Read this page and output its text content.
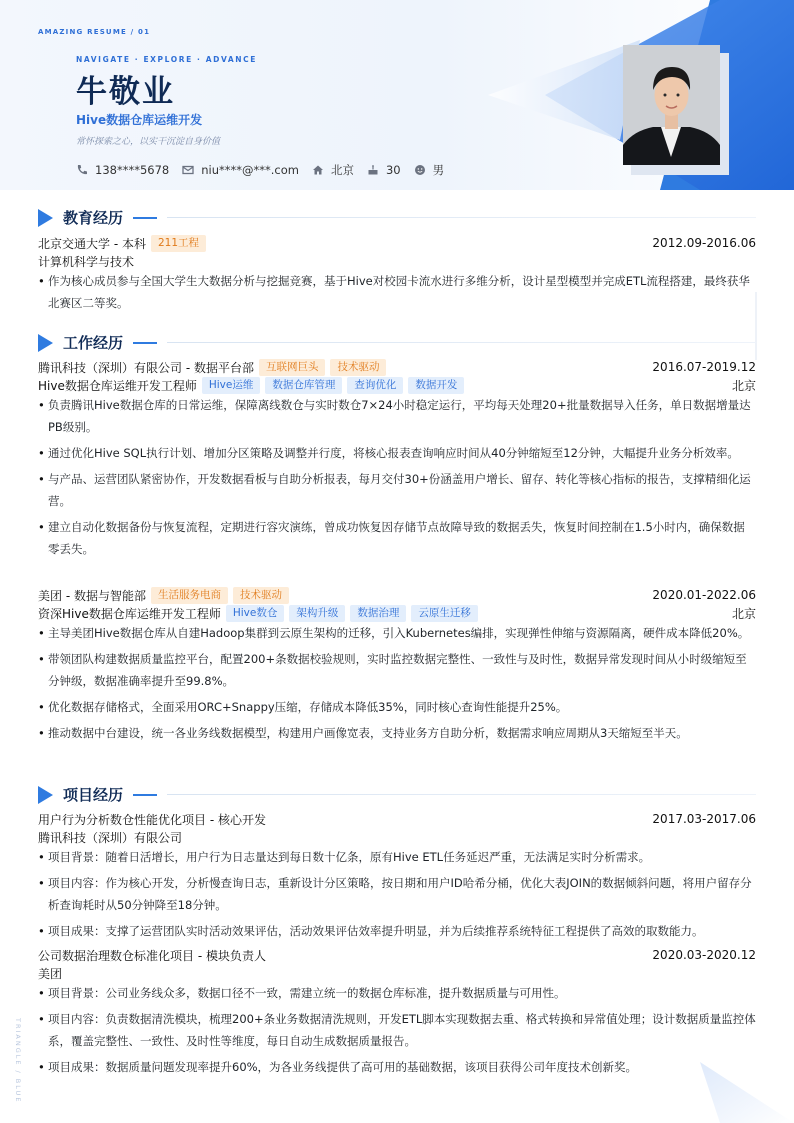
AMAZING RESUME / 01
NAVIGATE · EXPLORE · ADVANCE
牛敬业
Hive数据仓库运维开发
常怀探索之心，以实干沉淀自身价值
138****5678	niu****@***.com	北京	30	男
教育经历
北京交通大学 - 本科	211工程	2012.09-2016.06
计算机科学与技术
• 作为核心成员参与全国大学生大数据分析与挖掘竞赛，基于Hive对校园卡流水进行多维分析，设计星型模型并完成ETL流程搭建，最终获华北赛区二等奖。
工作经历
腾讯科技（深圳）有限公司 - 数据平台部	互联网巨头	技术驱动	2016.07-2019.12
Hive数据仓库运维开发工程师	Hive运维	数据仓库管理	查询优化	数据开发	北京
• 负责腾讯Hive数据仓库的日常运维，保障离线数仓与实时数仓7×24小时稳定运行，平均每天处理20+批量数据导入任务，单日数据增量达PB级别。
• 通过优化Hive SQL执行计划、增加分区策略及调整并行度，将核心报表查询响应时间从40分钟缩短至12分钟，大幅提升业务分析效率。
• 与产品、运营团队紧密协作，开发数据看板与自助分析报表，每月交付30+份涵盖用户增长、留存、转化等核心指标的报告，支撑精细化运营。
• 建立自动化数据备份与恢复流程，定期进行容灾演练，曾成功恢复因存储节点故障导致的数据丢失，恢复时间控制在1.5小时内，确保数据零丢失。
美团 - 数据与智能部	生活服务电商	技术驱动	2020.01-2022.06
资深Hive数据仓库运维开发工程师	Hive数仓	架构升级	数据治理	云原生迁移	北京
• 主导美团Hive数据仓库从自建Hadoop集群到云原生架构的迁移，引入Kubernetes编排，实现弹性伸缩与资源隔离，硬件成本降低20%。
• 带领团队构建数据质量监控平台，配置200+条数据校验规则，实时监控数据完整性、一致性与及时性，数据异常发现时间从小时级缩短至分钟级，数据准确率提升至99.8%。
• 优化数据存储格式，全面采用ORC+Snappy压缩，存储成本降低35%，同时核心查询性能提升25%。
• 推动数据中台建设，统一各业务线数据模型，构建用户画像宽表，支持业务方自助分析，数据需求响应周期从3天缩短至半天。
项目经历
用户行为分析数仓性能优化项目 - 核心开发	2017.03-2017.06
腾讯科技（深圳）有限公司
• 项目背景：随着日活增长，用户行为日志量达到每日数十亿条，原有Hive ETL任务延迟严重，无法满足实时分析需求。
• 项目内容：作为核心开发，分析慢查询日志，重新设计分区策略，按日期和用户ID哈希分桶，优化大表JOIN的数据倾斜问题，将用户留存分析查询耗时从50分钟降至18分钟。
• 项目成果：支撑了运营团队实时活动效果评估，活动效果评估效率提升明显，并为后续推荐系统特征工程提供了高效的取数能力。
公司数据治理数仓标准化项目 - 模块负责人	2020.03-2020.12
美团
• 项目背景：公司业务线众多，数据口径不一致，需建立统一的数据仓库标准，提升数据质量与可用性。
• 项目内容：负责数据清洗模块，梳理200+条业务数据清洗规则，开发ETL脚本实现数据去重、格式转换和异常值处理；设计数据质量监控体系，覆盖完整性、一致性、及时性等维度，每日自动生成数据质量报告。
• 项目成果：数据质量问题发现率提升60%，为各业务线提供了高可用的基础数据，该项目获得公司年度技术创新奖。
TRIANGLE / BLUE
